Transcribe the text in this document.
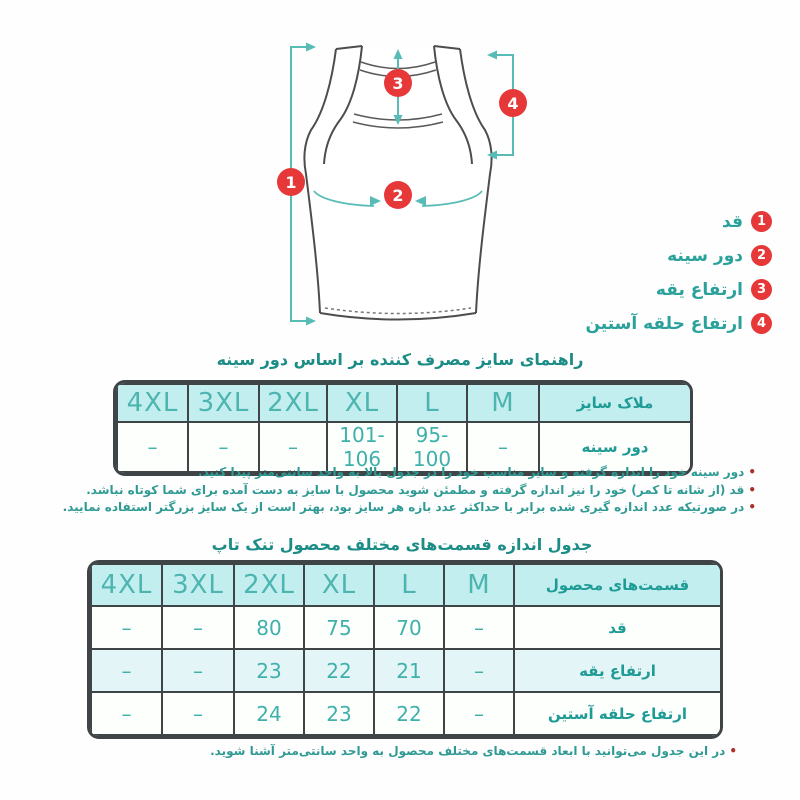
1
2
3
4
1
قد
2
دور سینه
3
ارتفاع یقه
4
ارتفاع حلقه آستین
راهنمای سایز مصرف کننده بر اساس دور سینه
4XL	3XL	2XL	XL	L	M	ملاک سایز
–	–	–	101-106	95-100	–	دور سینه
•دور سینه خود را اندازه گرفته و سایز مناسب خود را در جدول بالا به واحد سانتی‌متر پیدا کنید.
•قد (از شانه تا کمر) خود را نیز اندازه گرفته و مطمئن شوید محصول با سایز به دست آمده برای شما کوتاه نباشد.
•در صورتیکه عدد اندازه گیری شده برابر با حداکثر عدد بازه هر سایز بود، بهتر است از یک سایز بزرگتر استفاده نمایید.
جدول اندازه قسمت‌های مختلف محصول تنک تاپ
4XL	3XL	2XL	XL	L	M	قسمت‌های محصول
–	–	80	75	70	–	قد
–	–	23	22	21	–	ارتفاع یقه
–	–	24	23	22	–	ارتفاع حلقه آستین
•در این جدول می‌توانید با ابعاد قسمت‌های مختلف محصول به واحد سانتی‌متر آشنا شوید.
